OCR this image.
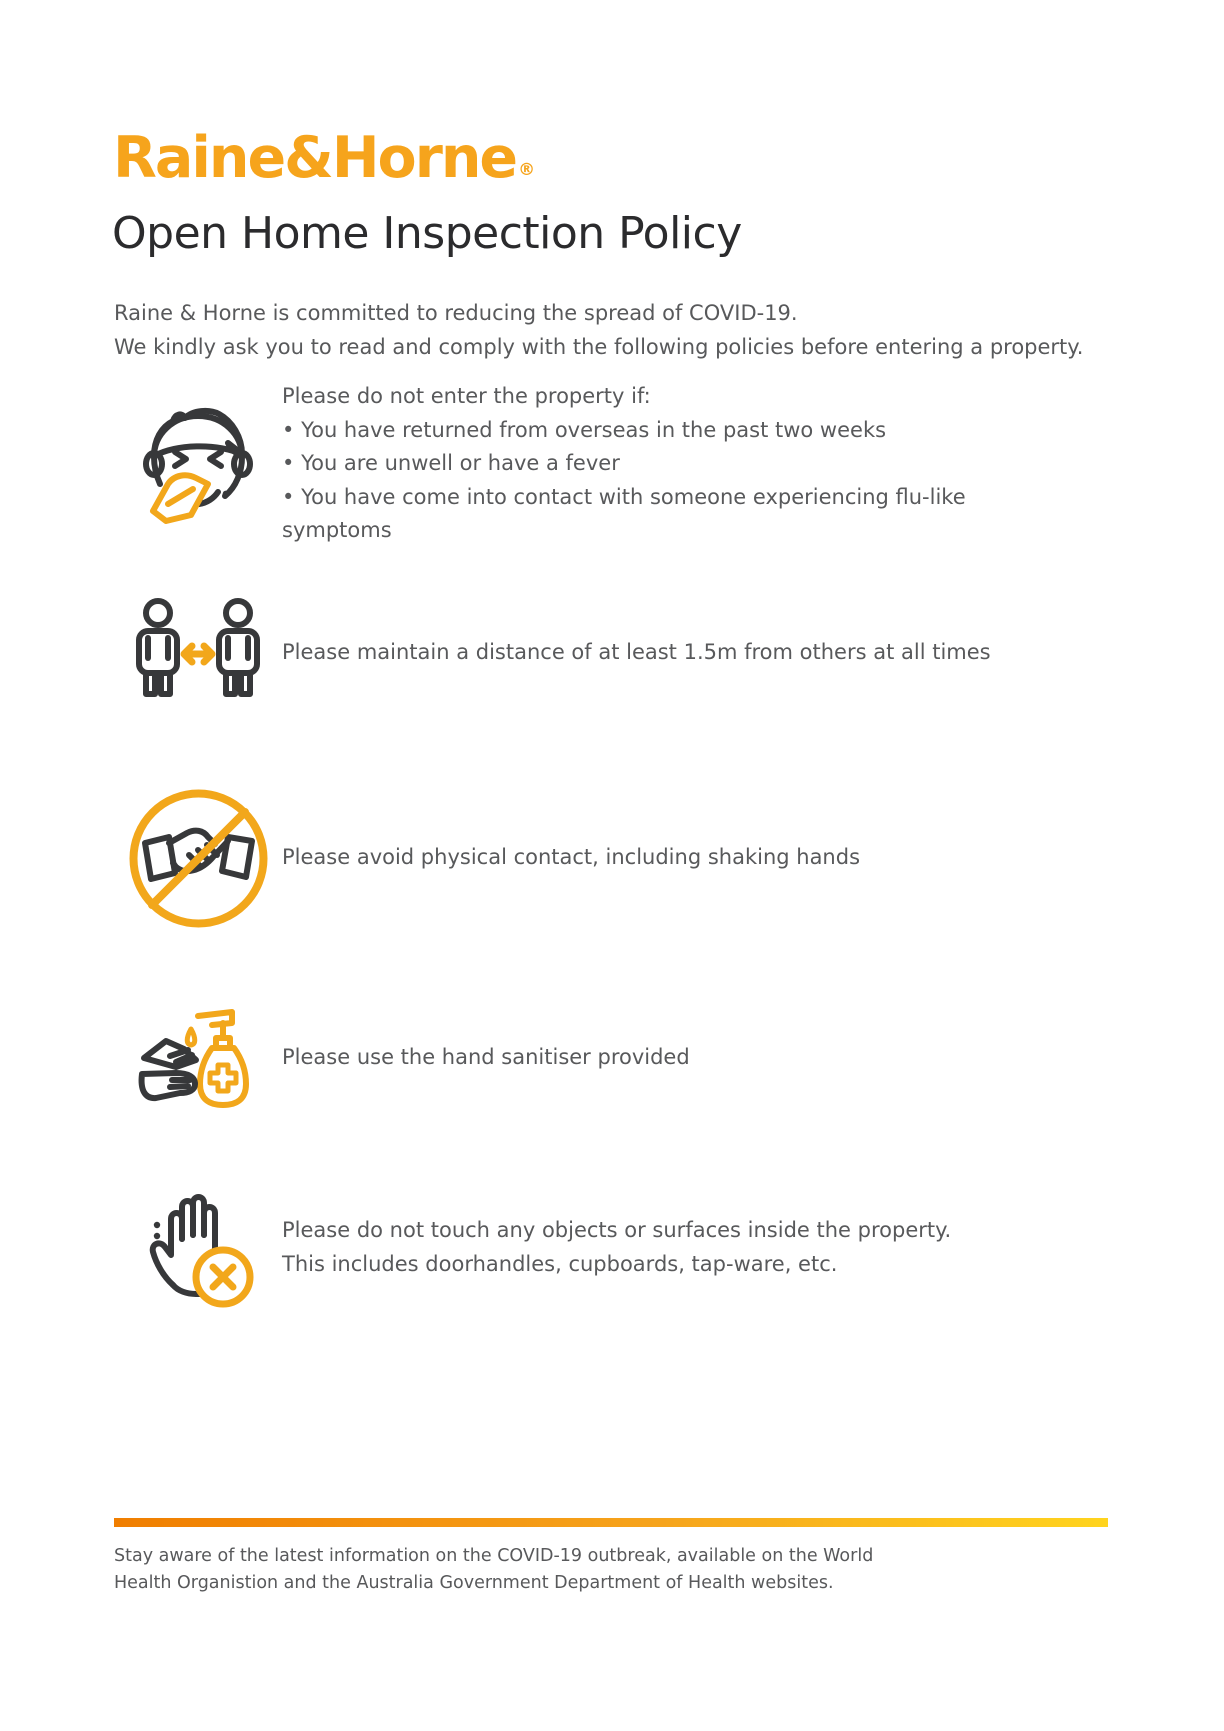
Raine&Horne ®
Open Home Inspection Policy

Raine & Horne is committed to reducing the spread of COVID-19.
We kindly ask you to read and comply with the following policies before entering a property.

Please do not enter the property if:
• You have returned from overseas in the past two weeks
• You are unwell or have a fever
• You have come into contact with someone experiencing flu-like symptoms

Please maintain a distance of at least 1.5m from others at all times

Please avoid physical contact, including shaking hands

Please use the hand sanitiser provided

Please do not touch any objects or surfaces inside the property. This includes doorhandles, cupboards, tap-ware, etc.

Stay aware of the latest information on the COVID-19 outbreak, available on the World Health Organistion and the Australia Government Department of Health websites.
